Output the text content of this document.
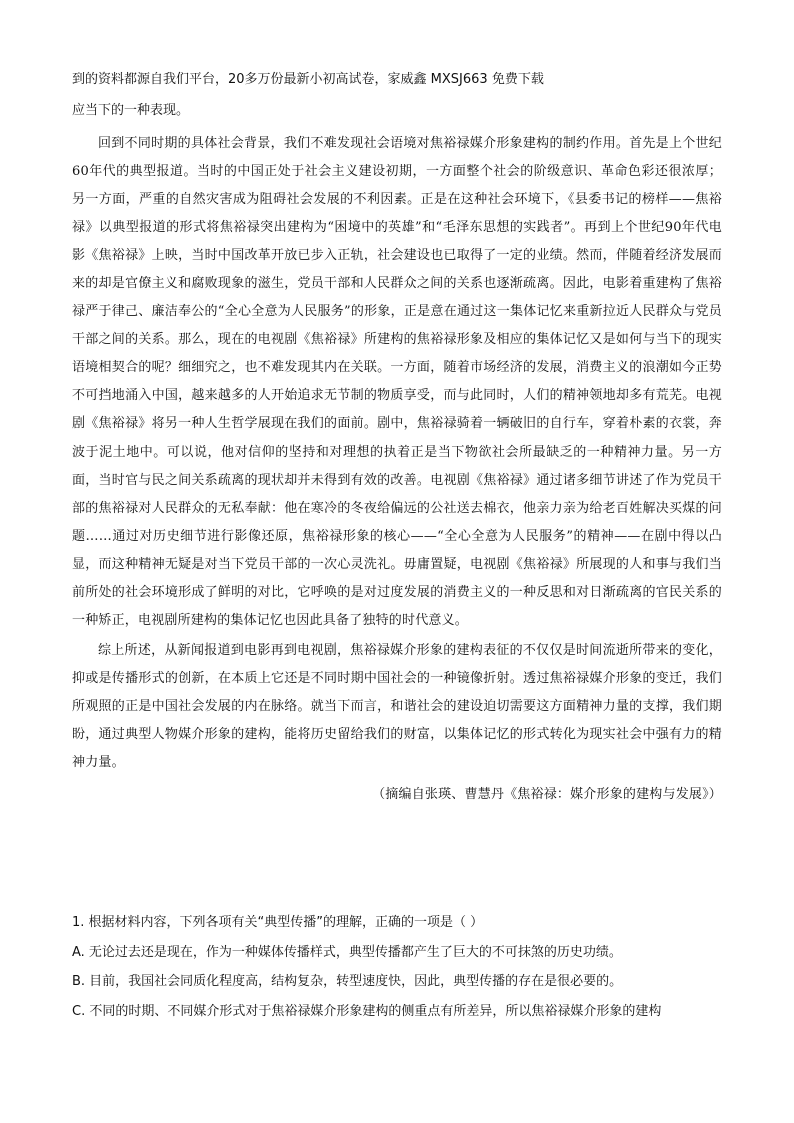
到的资料都源自我们平台，20多万份最新小初高试卷，家威鑫 MXSJ663 免费下载
应当下的一种表现。

回到不同时期的具体社会背景，我们不难发现社会语境对焦裕禄媒介形象建构的制约作用。首先是上个世纪60年代的典型报道。当时的中国正处于社会主义建设初期，一方面整个社会的阶级意识、革命色彩还很浓厚；另一方面，严重的自然灾害成为阻碍社会发展的不利因素。正是在这种社会环境下，《县委书记的榜样——焦裕禄》以典型报道的形式将焦裕禄突出建构为“困境中的英雄”和“毛泽东思想的实践者”。再到上个世纪90年代电影《焦裕禄》上映，当时中国改革开放已步入正轨，社会建设也已取得了一定的业绩。然而，伴随着经济发展而来的却是官僚主义和腐败现象的滋生，党员干部和人民群众之间的关系也逐渐疏离。因此，电影着重建构了焦裕禄严于律己、廉洁奉公的“全心全意为人民服务”的形象，正是意在通过这一集体记忆来重新拉近人民群众与党员干部之间的关系。那么，现在的电视剧《焦裕禄》所建构的焦裕禄形象及相应的集体记忆又是如何与当下的现实语境相契合的呢？细细究之，也不难发现其内在关联。一方面，随着市场经济的发展，消费主义的浪潮如今正势不可挡地涌入中国，越来越多的人开始追求无节制的物质享受，而与此同时，人们的精神领地却多有荒芜。电视剧《焦裕禄》将另一种人生哲学展现在我们的面前。剧中，焦裕禄骑着一辆破旧的自行车，穿着朴素的衣裳，奔波于泥土地中。可以说，他对信仰的坚持和对理想的执着正是当下物欲社会所最缺乏的一种精神力量。另一方面，当时官与民之间关系疏离的现状却并未得到有效的改善。电视剧《焦裕禄》通过诸多细节讲述了作为党员干部的焦裕禄对人民群众的无私奉献：他在寒冷的冬夜给偏远的公社送去棉衣，他亲力亲为给老百姓解决买煤的问题……通过对历史细节进行影像还原，焦裕禄形象的核心——“全心全意为人民服务”的精神——在剧中得以凸显，而这种精神无疑是对当下党员干部的一次心灵洗礼。毋庸置疑，电视剧《焦裕禄》所展现的人和事与我们当前所处的社会环境形成了鲜明的对比，它呼唤的是对过度发展的消费主义的一种反思和对日渐疏离的官民关系的一种矫正，电视剧所建构的集体记忆也因此具备了独特的时代意义。

综上所述，从新闻报道到电影再到电视剧，焦裕禄媒介形象的建构表征的不仅仅是时间流逝所带来的变化，抑或是传播形式的创新，在本质上它还是不同时期中国社会的一种镜像折射。透过焦裕禄媒介形象的变迁，我们所观照的正是中国社会发展的内在脉络。就当下而言，和谐社会的建设迫切需要这方面精神力量的支撑，我们期盼，通过典型人物媒介形象的建构，能将历史留给我们的财富，以集体记忆的形式转化为现实社会中强有力的精神力量。

（摘编自张瑛、曹慧丹《焦裕禄：媒介形象的建构与发展》）
1. 根据材料内容，下列各项有关“典型传播”的理解，正确的一项是（ ）
A. 无论过去还是现在，作为一种媒体传播样式，典型传播都产生了巨大的不可抹煞的历史功绩。
B. 目前，我国社会同质化程度高，结构复杂，转型速度快，因此，典型传播的存在是很必要的。
C. 不同的时期、不同媒介形式对于焦裕禄媒介形象建构的侧重点有所差异，所以焦裕禄媒介形象的建构
